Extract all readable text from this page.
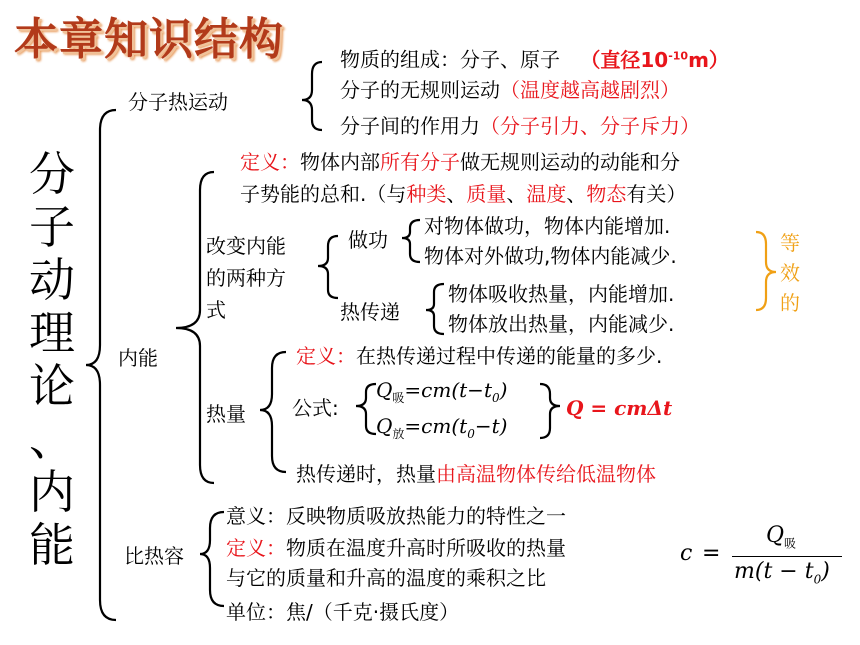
本章知识结构
分
子
动
理
论
、
内
能
分子热运动
物质的组成：分子、原子 （直径$10^{-10}m$）
分子的无规则运动（温度越高越剧烈）
分子间的作用力（分子引力、分子斥力）
内能
定义：物体内部所有分子做无规则运动的动能和分
子势能的总和.（与种类、质量、温度、物态有关）
改变内能
的两种方
式
做功
对物体做功，物体内能增加.
物体对外做功,物体内能减少.
热传递
物体吸收热量，内能增加.
物体放出热量，内能减少.
等
效
的
热量
定义：在热传递过程中传递的能量的多少.
公式:
$Q_吸=cm(t-t_0)$
$Q_放=cm(t_0-t)$
Q = cmΔt
热传递时，热量由高温物体传给低温物体
比热容
意义：反映物质吸放热能力的特性之一
定义：物质在温度升高时所吸收的热量
与它的质量和升高的温度的乘积之比
单位：焦/（千克·摄氏度）
c =
$Q_吸$
$m(t - t_0)$
